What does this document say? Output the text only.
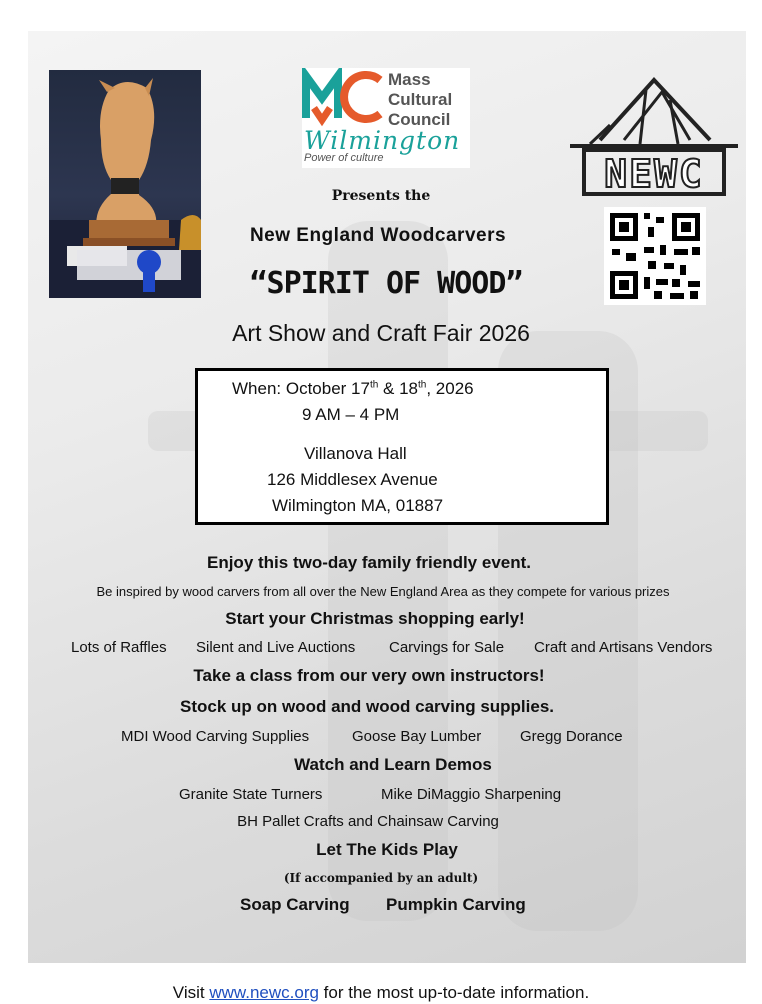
Mass
Cultural
Council
Wilmington
Power of culture	NEWC
Presents the
New England Woodcarvers
“SPIRIT OF WOOD”
Art Show and Craft Fair 2026
When: October 17th & 18th, 2026
9 AM – 4 PM
Villanova Hall
126 Middlesex Avenue
Wilmington MA, 01887
Enjoy this two-day family friendly event.
Be inspired by wood carvers from all over the New England Area as they compete for various prizes
Start your Christmas shopping early!
Lots of Raffles Silent and Live Auctions Carvings for Sale Craft and Artisans Vendors
Take a class from our very own instructors!
Stock up on wood and wood carving supplies.
MDI Wood Carving Supplies	Goose Bay Lumber	Gregg Dorance
Watch and Learn Demos
Granite State Turners	Mike DiMaggio Sharpening
BH Pallet Crafts and Chainsaw Carving
Let The Kids Play
(If accompanied by an adult)
Soap Carving Pumpkin Carving
Visit www.newc.org for the most up-to-date information.
